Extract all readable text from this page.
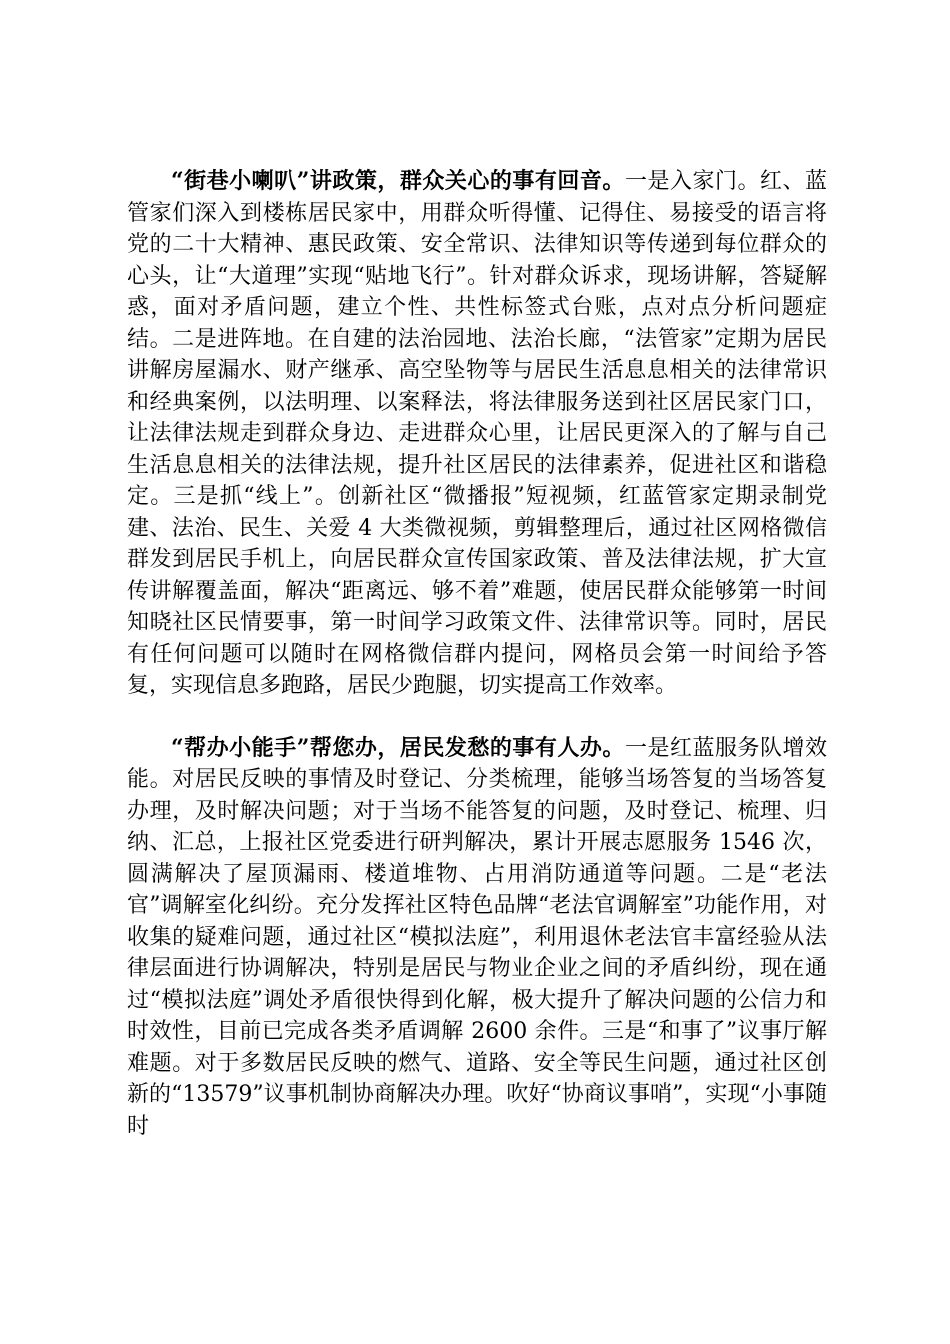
“街巷小喇叭”讲政策，群众关心的事有回音。一是入家门。红、蓝管家们深入到楼栋居民家中，用群众听得懂、记得住、易接受的语言将党的二十大精神、惠民政策、安全常识、法律知识等传递到每位群众的心头，让“大道理”实现“贴地飞行”。针对群众诉求，现场讲解，答疑解惑，面对矛盾问题，建立个性、共性标签式台账，点对点分析问题症结。二是进阵地。在自建的法治园地、法治长廊，“法管家”定期为居民讲解房屋漏水、财产继承、高空坠物等与居民生活息息相关的法律常识和经典案例，以法明理、以案释法，将法律服务送到社区居民家门口，让法律法规走到群众身边、走进群众心里，让居民更深入的了解与自己生活息息相关的法律法规，提升社区居民的法律素养，促进社区和谐稳定。三是抓“线上”。创新社区“微播报”短视频，红蓝管家定期录制党建、法治、民生、关爱 4 大类微视频，剪辑整理后，通过社区网格微信群发到居民手机上，向居民群众宣传国家政策、普及法律法规，扩大宣传讲解覆盖面，解决“距离远、够不着”难题，使居民群众能够第一时间知晓社区民情要事，第一时间学习政策文件、法律常识等。同时，居民有任何问题可以随时在网格微信群内提问，网格员会第一时间给予答复，实现信息多跑路，居民少跑腿，切实提高工作效率。

“帮办小能手”帮您办，居民发愁的事有人办。一是红蓝服务队增效能。对居民反映的事情及时登记、分类梳理，能够当场答复的当场答复办理，及时解决问题；对于当场不能答复的问题，及时登记、梳理、归纳、汇总，上报社区党委进行研判解决，累计开展志愿服务 1546 次，圆满解决了屋顶漏雨、楼道堆物、占用消防通道等问题。二是“老法官”调解室化纠纷。充分发挥社区特色品牌“老法官调解室”功能作用，对收集的疑难问题，通过社区“模拟法庭”，利用退休老法官丰富经验从法律层面进行协调解决，特别是居民与物业企业之间的矛盾纠纷，现在通过“模拟法庭”调处矛盾很快得到化解，极大提升了解决问题的公信力和时效性，目前已完成各类矛盾调解 2600 余件。三是“和事了”议事厅解难题。对于多数居民反映的燃气、道路、安全等民生问题，通过社区创新的“13579”议事机制协商解决办理。吹好“协商议事哨”，实现“小事随时
